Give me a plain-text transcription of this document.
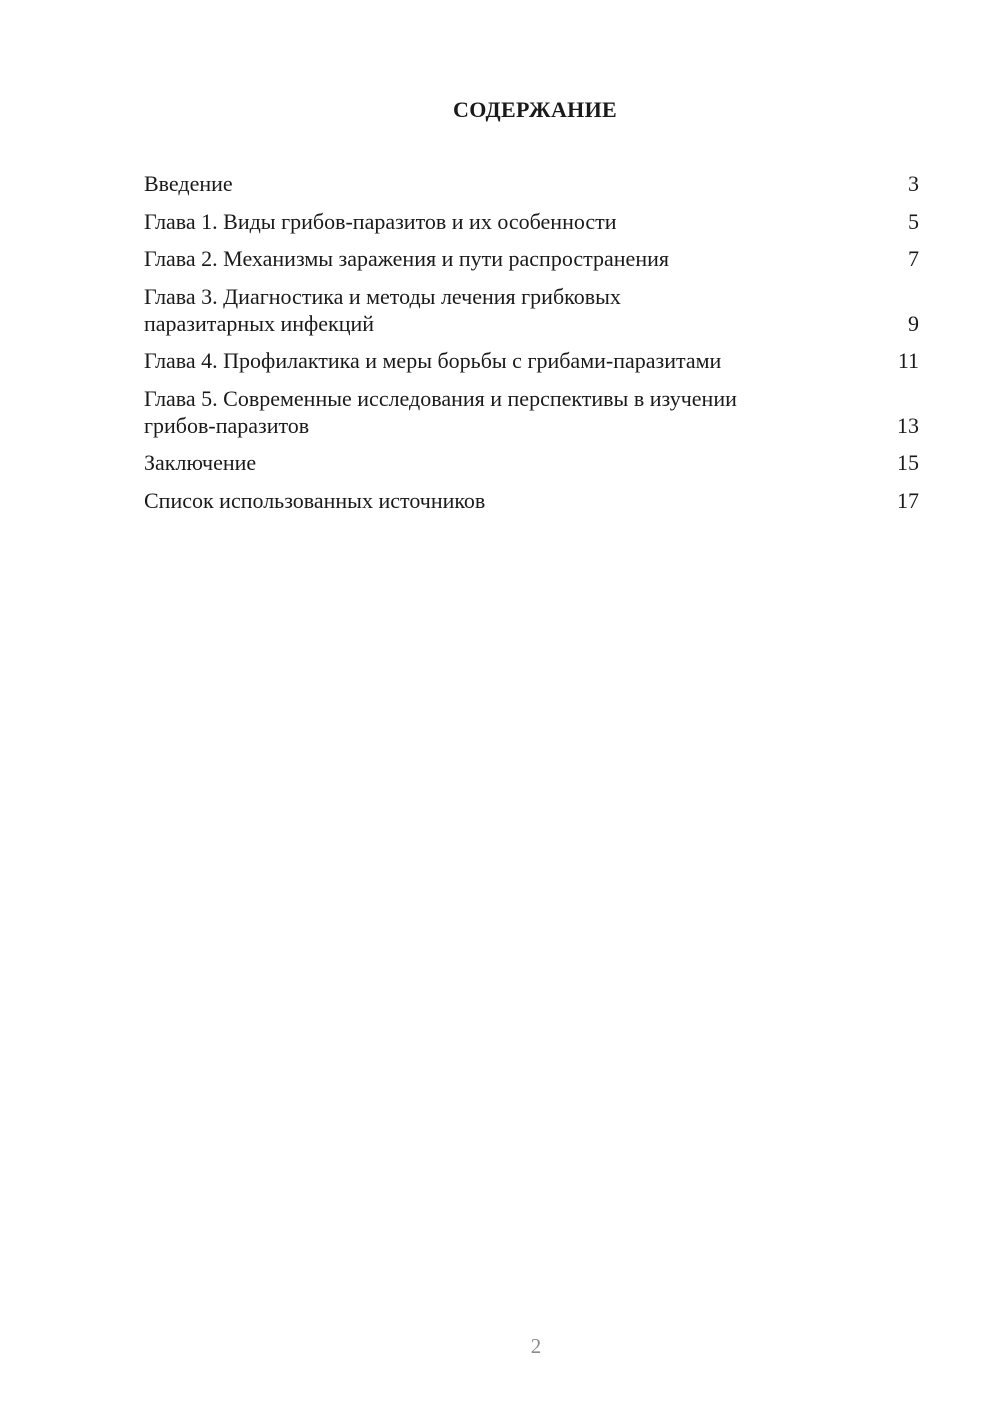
СОДЕРЖАНИЕ
Введение	3
Глава 1. Виды грибов-паразитов и их особенности	5
Глава 2. Механизмы заражения и пути распространения	7
Глава 3. Диагностика и методы лечения грибковых
паразитарных инфекций	9
Глава 4. Профилактика и меры борьбы с грибами-паразитами	11
Глава 5. Современные исследования и перспективы в изучении
грибов-паразитов	13
Заключение	15
Список использованных источников	17
2
